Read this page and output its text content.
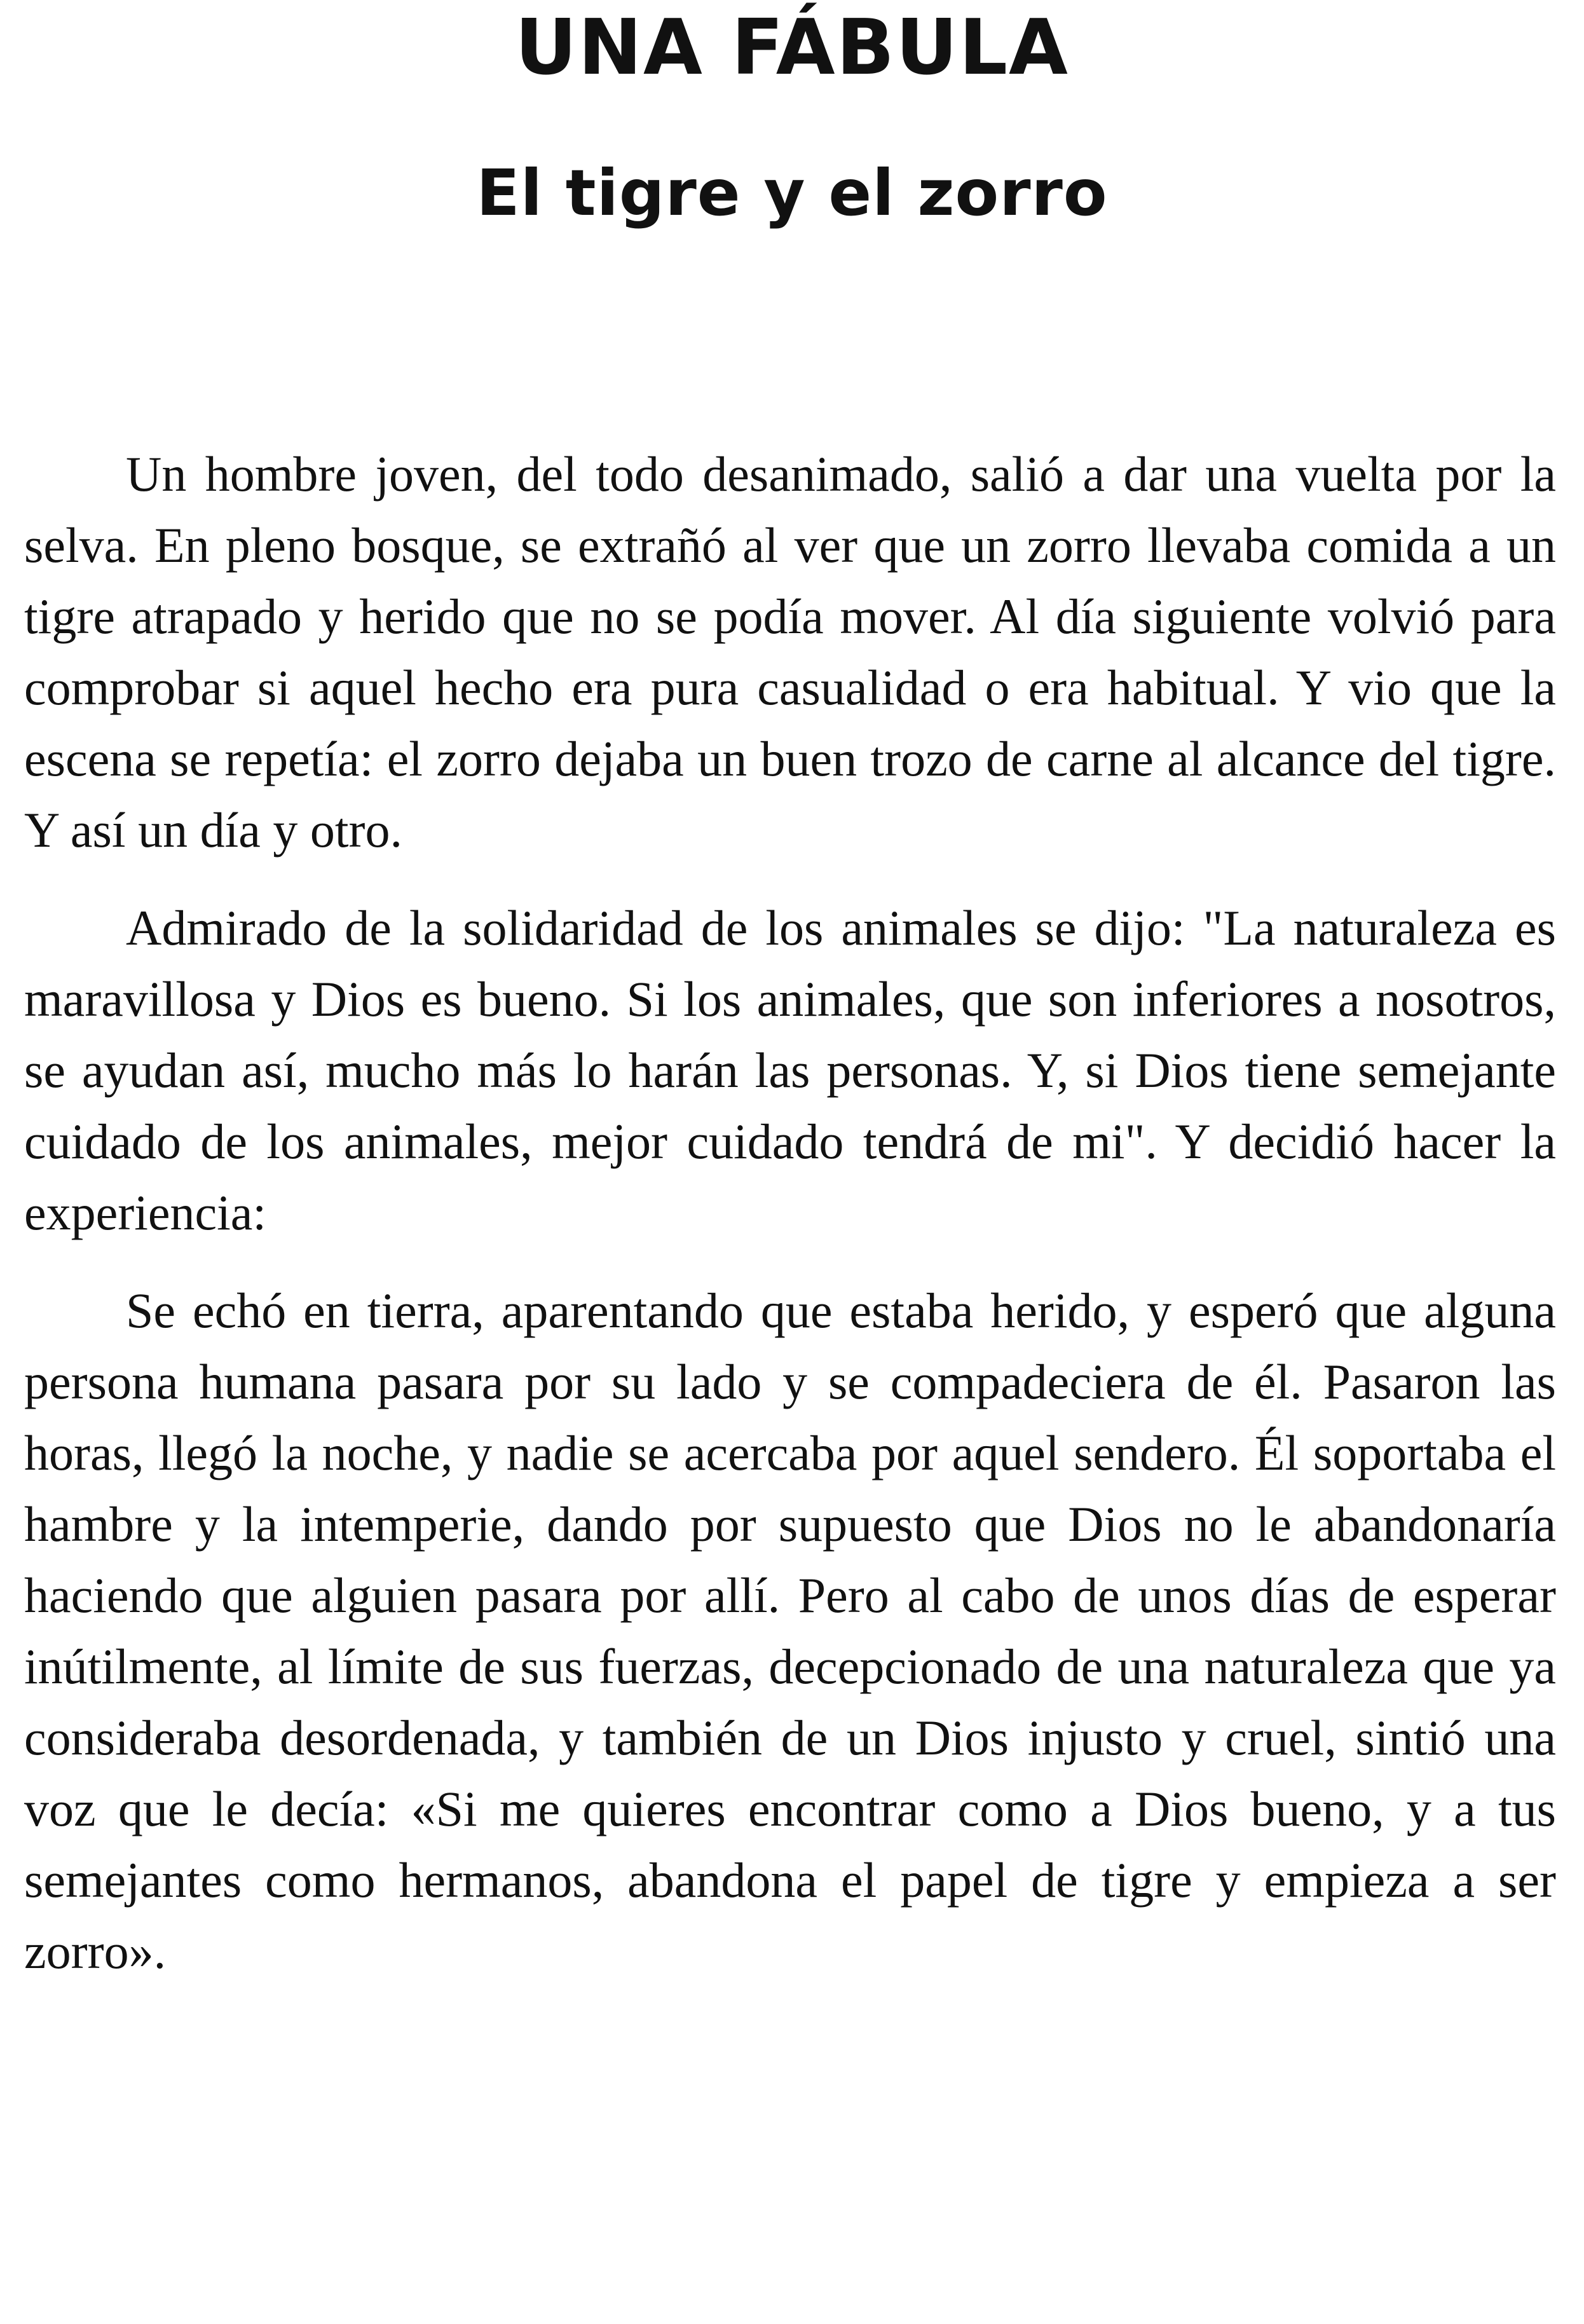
UNA FÁBULA
El tigre y el zorro

Un hombre joven, del todo desanimado, salió a dar una vuelta por la selva. En pleno bosque, se extrañó al ver que un zorro llevaba comida a un tigre atrapado y herido que no se podía mover. Al día siguiente volvió para comprobar si aquel hecho era pura casualidad o era habitual. Y vio que la escena se repetía: el zorro dejaba un buen trozo de carne al alcance del tigre. Y así un día y otro.

Admirado de la solidaridad de los animales se dijo: "La naturaleza es maravillosa y Dios es bueno. Si los animales, que son inferiores a nosotros, se ayudan así, mucho más lo harán las personas. Y, si Dios tiene semejante cuidado de los animales, mejor cuidado tendrá de mi". Y decidió hacer la experiencia:

Se echó en tierra, aparentando que estaba herido, y esperó que alguna persona humana pasara por su lado y se compadeciera de él. Pasaron las horas, llegó la noche, y nadie se acercaba por aquel sendero. Él soportaba el hambre y la intemperie, dando por supuesto que Dios no le abandonaría haciendo que alguien pasara por allí. Pero al cabo de unos días de esperar inútilmente, al límite de sus fuerzas, decepcionado de una naturaleza que ya consideraba desordenada, y también de un Dios injusto y cruel, sintió una voz que le decía: «Si me quieres encontrar como a Dios bueno, y a tus semejantes como hermanos, abandona el papel de tigre y empieza a ser zorro».
